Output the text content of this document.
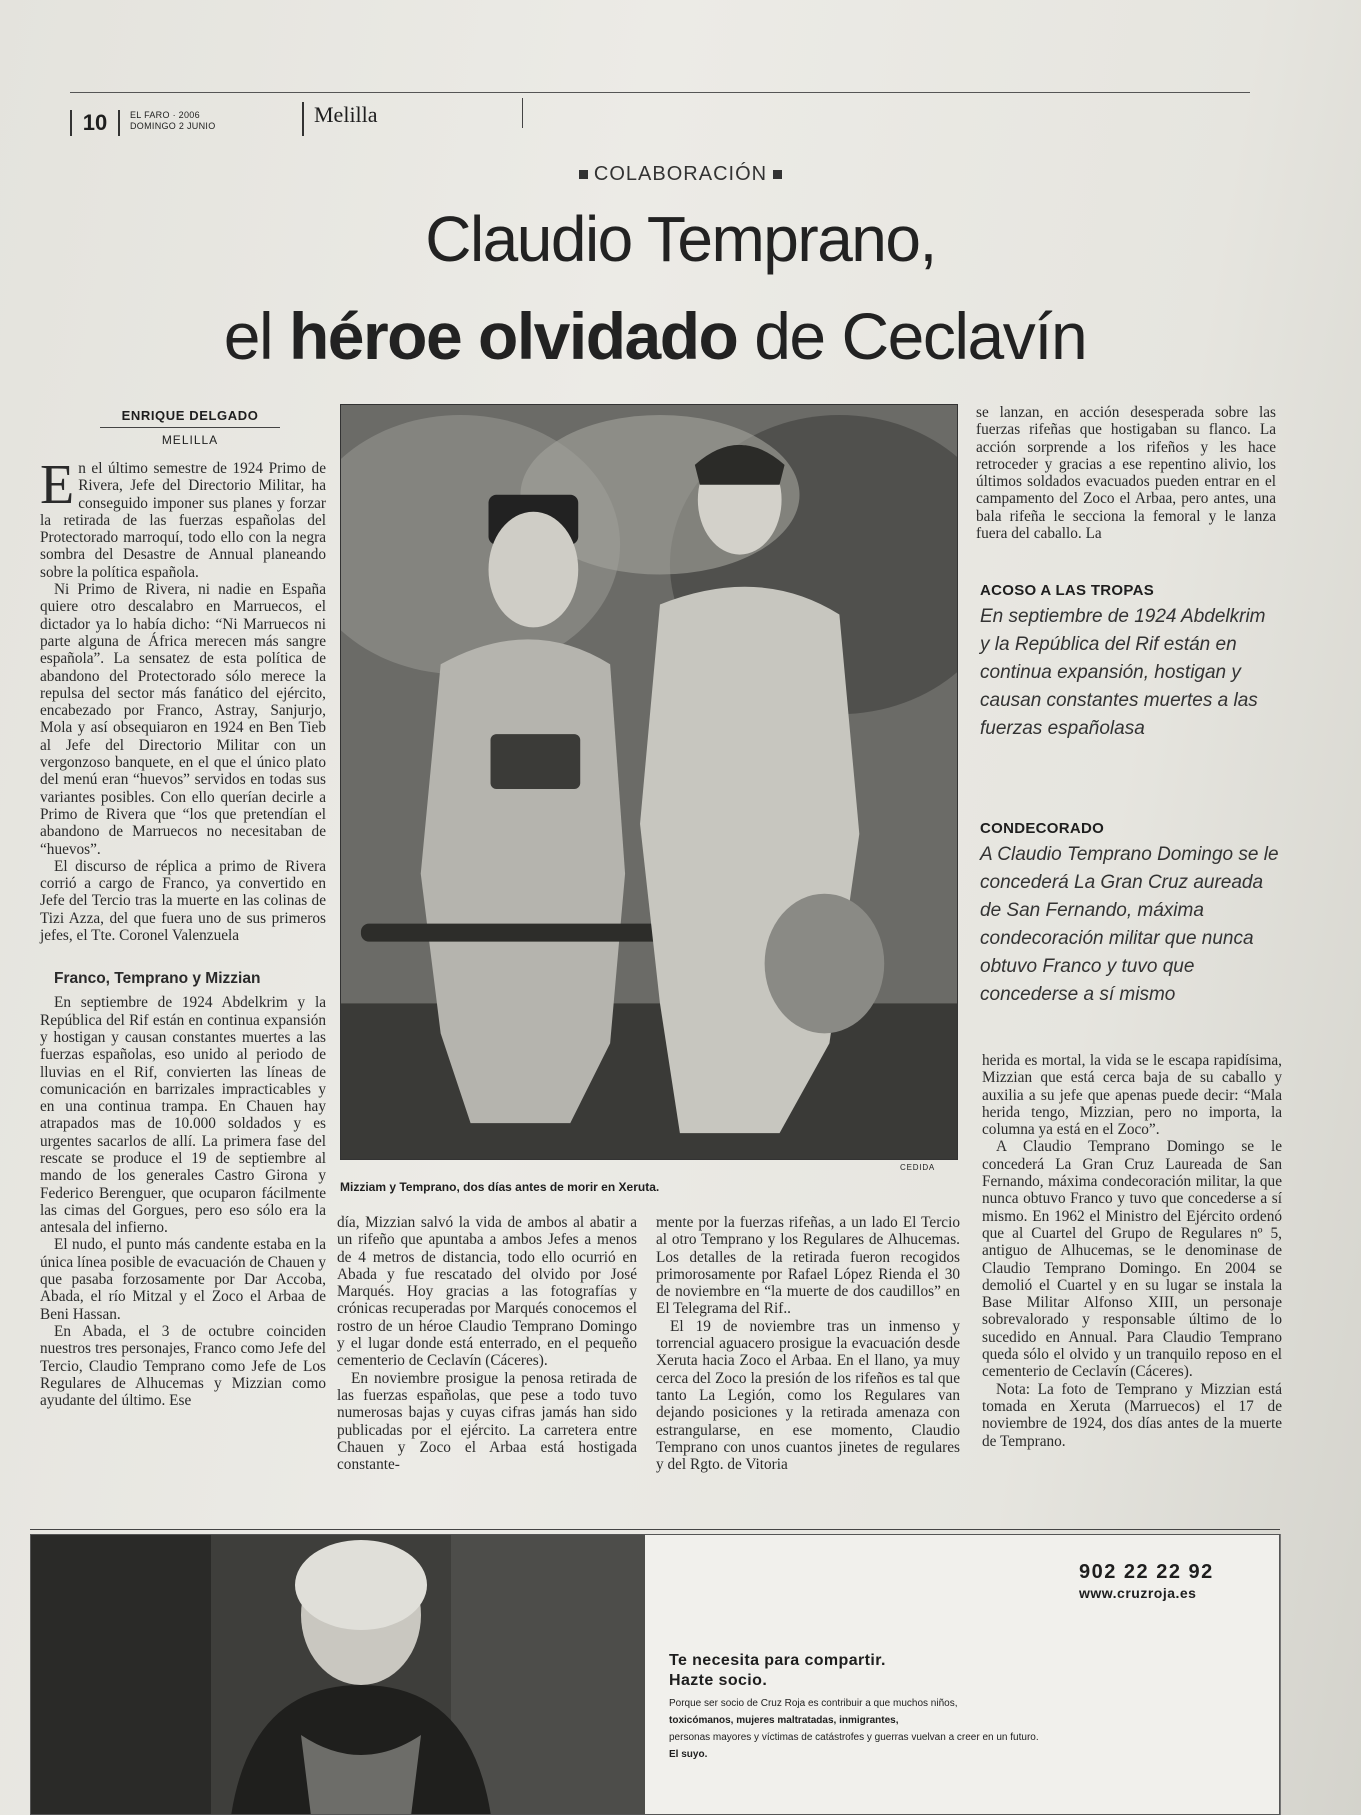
10	EL FARO · 2006
DOMINGO 2 JUNIO	Melilla
COLABORACIÓN
Claudio Temprano,
el héroe olvidado de Ceclavín
ENRIQUE DELGADO
MELILLA

En el último semestre de 1924 Primo de Rivera, Jefe del Directorio Militar, ha conseguido imponer sus planes y forzar la retirada de las fuerzas españolas del Protectorado marroquí, todo ello con la negra sombra del Desastre de Annual planeando sobre la política española.

Ni Primo de Rivera, ni nadie en España quiere otro descalabro en Marruecos, el dictador ya lo había dicho: “Ni Marruecos ni parte alguna de África merecen más sangre española”. La sensatez de esta política de abandono del Protectorado sólo merece la repulsa del sector más fanático del ejército, encabezado por Franco, Astray, Sanjurjo, Mola y así obsequiaron en 1924 en Ben Tieb al Jefe del Directorio Militar con un vergonzoso banquete, en el que el único plato del menú eran “huevos” servidos en todas sus variantes posibles. Con ello querían decirle a Primo de Rivera que “los que pretendían el abandono de Marruecos no necesitaban de “huevos”.

El discurso de réplica a primo de Rivera corrió a cargo de Franco, ya convertido en Jefe del Tercio tras la muerte en las colinas de Tizi Azza, del que fuera uno de sus primeros jefes, el Tte. Coronel Valenzuela

Franco, Temprano y Mizzian

En septiembre de 1924 Abdelkrim y la República del Rif están en continua expansión y hostigan y causan constantes muertes a las fuerzas españolas, eso unido al periodo de lluvias en el Rif, convierten las líneas de comunicación en barrizales impracticables y en una continua trampa. En Chauen hay atrapados mas de 10.000 soldados y es urgentes sacarlos de allí. La primera fase del rescate se produce el 19 de septiembre al mando de los generales Castro Girona y Federico Berenguer, que ocuparon fácilmente las cimas del Gorgues, pero eso sólo era la antesala del infierno.

El nudo, el punto más candente estaba en la única línea posible de evacuación de Chauen y que pasaba forzosamente por Dar Accoba, Abada, el río Mitzal y el Zoco el Arbaa de Beni Hassan.

En Abada, el 3 de octubre coinciden nuestros tres personajes, Franco como Jefe del Tercio, Claudio Temprano como Jefe de Los Regulares de Alhucemas y Mizzian como ayudante del último. Ese

CEDIDA
Mizziam y Temprano, dos días antes de morir en Xeruta.

día, Mizzian salvó la vida de ambos al abatir a un rifeño que apuntaba a ambos Jefes a menos de 4 metros de distancia, todo ello ocurrió en Abada y fue rescatado del olvido por José Marqués. Hoy gracias a las fotografías y crónicas recuperadas por Marqués conocemos el rostro de un héroe Claudio Temprano Domingo y el lugar donde está enterrado, en el pequeño cementerio de Ceclavín (Cáceres).

En noviembre prosigue la penosa retirada de las fuerzas españolas, que pese a todo tuvo numerosas bajas y cuyas cifras jamás han sido publicadas por el ejército. La carretera entre Chauen y Zoco el Arbaa está hostigada constante-

mente por la fuerzas rifeñas, a un lado El Tercio al otro Temprano y los Regulares de Alhucemas. Los detalles de la retirada fueron recogidos primorosamente por Rafael López Rienda el 30 de noviembre en “la muerte de dos caudillos” en El Telegrama del Rif..

El 19 de noviembre tras un inmenso y torrencial aguacero prosigue la evacuación desde Xeruta hacia Zoco el Arbaa. En el llano, ya muy cerca del Zoco la presión de los rifeños es tal que tanto La Legión, como los Regulares van dejando posiciones y la retirada amenaza con estrangularse, en ese momento, Claudio Temprano con unos cuantos jinetes de regulares y del Rgto. de Vitoria

se lanzan, en acción desesperada sobre las fuerzas rifeñas que hostigaban su flanco. La acción sorprende a los rifeños y les hace retroceder y gracias a ese repentino alivio, los últimos soldados evacuados pueden entrar en el campamento del Zoco el Arbaa, pero antes, una bala rifeña le secciona la femoral y le lanza fuera del caballo. La

ACOSO A LAS TROPAS
En septiembre de 1924 Abdelkrim y la República del Rif están en continua expansión, hostigan y causan constantes muertes a las fuerzas españolasa
CONDECORADO
A Claudio Temprano Domingo se le concederá La Gran Cruz aureada de San Fernando, máxima condecoración militar que nunca obtuvo Franco y tuvo que concederse a sí mismo

herida es mortal, la vida se le escapa rapidísima, Mizzian que está cerca baja de su caballo y auxilia a su jefe que apenas puede decir: “Mala herida tengo, Mizzian, pero no importa, la columna ya está en el Zoco”.

A Claudio Temprano Domingo se le concederá La Gran Cruz Laureada de San Fernando, máxima condecoración militar, la que nunca obtuvo Franco y tuvo que concederse a sí mismo. En 1962 el Ministro del Ejército ordenó que al Cuartel del Grupo de Regulares nº 5, antiguo de Alhucemas, se le denominase de Claudio Temprano Domingo. En 2004 se demolió el Cuartel y en su lugar se instala la Base Militar Alfonso XIII, un personaje sobrevalorado y responsable último de lo sucedido en Annual. Para Claudio Temprano queda sólo el olvido y un tranquilo reposo en el cementerio de Ceclavín (Cáceres).

Nota: La foto de Temprano y Mizzian está tomada en Xeruta (Marruecos) el 17 de noviembre de 1924, dos días antes de la muerte de Temprano.

902 22 22 92
www.cruzroja.es
Te necesita para compartir.
Hazte socio.
Porque ser socio de Cruz Roja es contribuir a que muchos niños,
toxicómanos, mujeres maltratadas, inmigrantes,
personas mayores y víctimas de catástrofes y guerras vuelvan a creer en un futuro.
El suyo.
